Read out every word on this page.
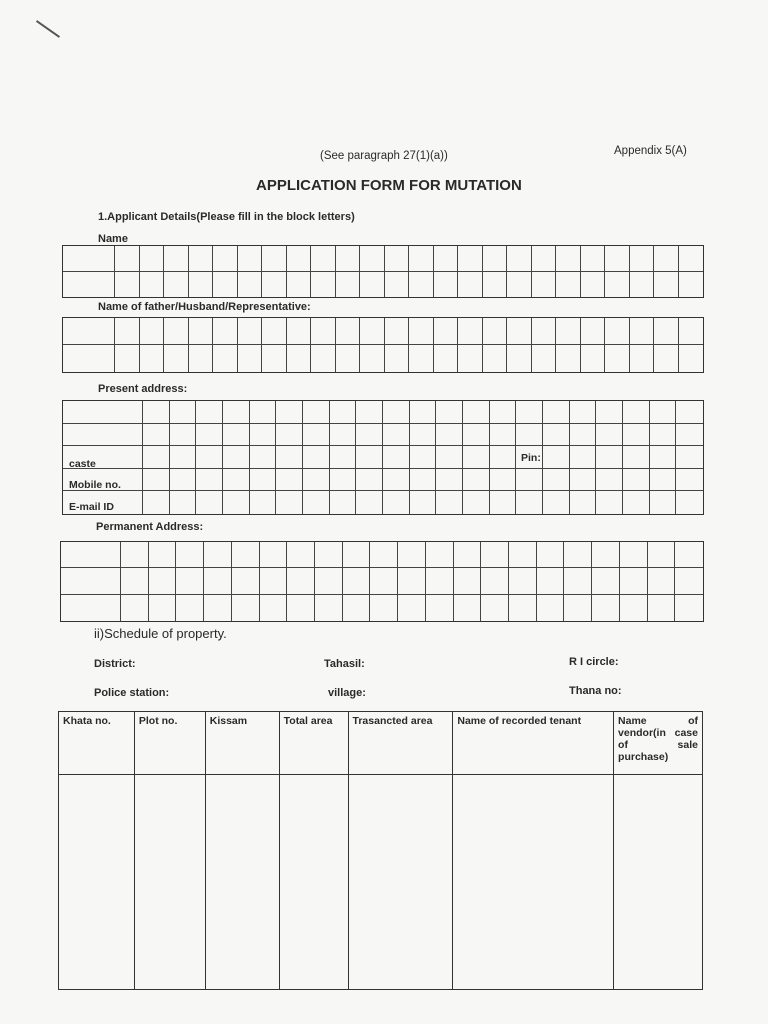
(See paragraph 27(1)(a))	Appendix 5(A)
APPLICATION FORM FOR MUTATION
1.Applicant Details(Please fill in the block letters)
Name
Name of father/Husband/Representative:
Present address:
caste
Mobile no.
E-mail ID
Pin:
Permanent Address:
ii)Schedule of property.
District:	Tahasil:	R I circle:
Police station:	village:	Thana no:
Khata no.	Plot no.	Kissam	Total area	Trasancted area	Name of recorded tenant	Name of vendor(in case of sale purchase)
